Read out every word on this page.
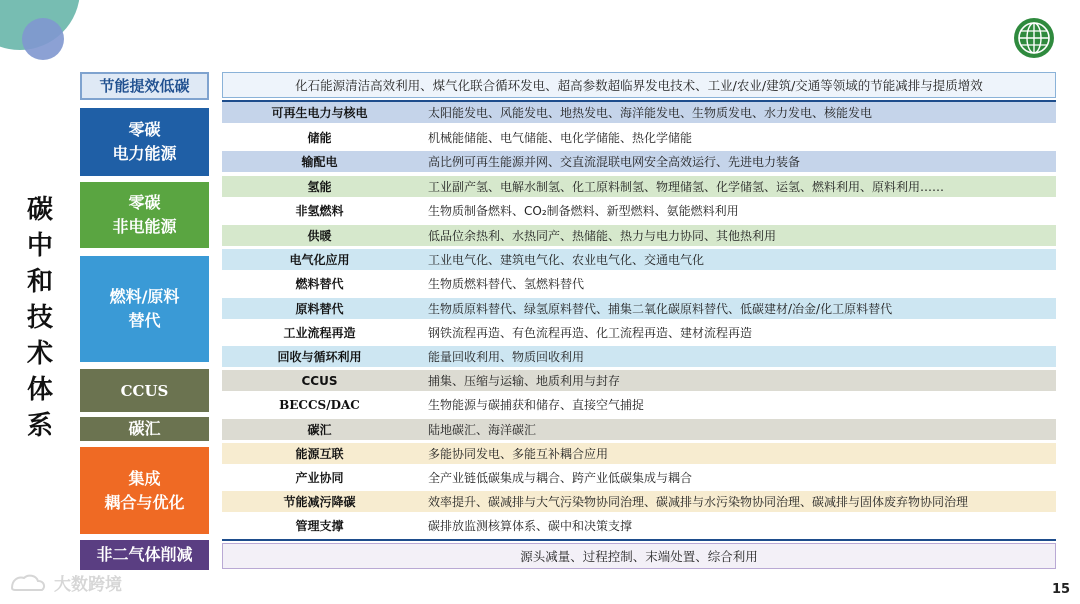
碳
中
和
技
术
体
系
节能提效低碳
零碳
电力能源
零碳
非电能源
燃料/原料
替代
CCUS
碳汇
集成
耦合与优化
非二气体削减
化石能源清洁高效利用、煤气化联合循环发电、超高参数超临界发电技术、工业/农业/建筑/交通等领域的节能减排与提质增效
可再生电力与核电	太阳能发电、风能发电、地热发电、海洋能发电、生物质发电、水力发电、核能发电
储能	机械能储能、电气储能、电化学储能、热化学储能
输配电	高比例可再生能源并网、交直流混联电网安全高效运行、先进电力装备
氢能	工业副产氢、电解水制氢、化工原料制氢、物理储氢、化学储氢、运氢、燃料利用、原料利用……
非氢燃料	生物质制备燃料、CO₂制备燃料、新型燃料、氨能燃料利用
供暖	低品位余热利、水热同产、热储能、热力与电力协同、其他热利用
电气化应用	工业电气化、建筑电气化、农业电气化、交通电气化
燃料替代	生物质燃料替代、氢燃料替代
原料替代	生物质原料替代、绿氢原料替代、捕集二氧化碳原料替代、低碳建材/冶金/化工原料替代
工业流程再造	钢铁流程再造、有色流程再造、化工流程再造、建材流程再造
回收与循环利用	能量回收利用、物质回收利用
CCUS	捕集、压缩与运输、地质利用与封存
BECCS/DAC	生物能源与碳捕获和储存、直接空气捕捉
碳汇	陆地碳汇、海洋碳汇
能源互联	多能协同发电、多能互补耦合应用
产业协同	全产业链低碳集成与耦合、跨产业低碳集成与耦合
节能减污降碳	效率提升、碳减排与大气污染物协同治理、碳减排与水污染物协同治理、碳减排与固体废弃物协同治理
管理支撑	碳排放监测核算体系、碳中和决策支撑
源头减量、过程控制、末端处置、综合利用
大数跨境	15
